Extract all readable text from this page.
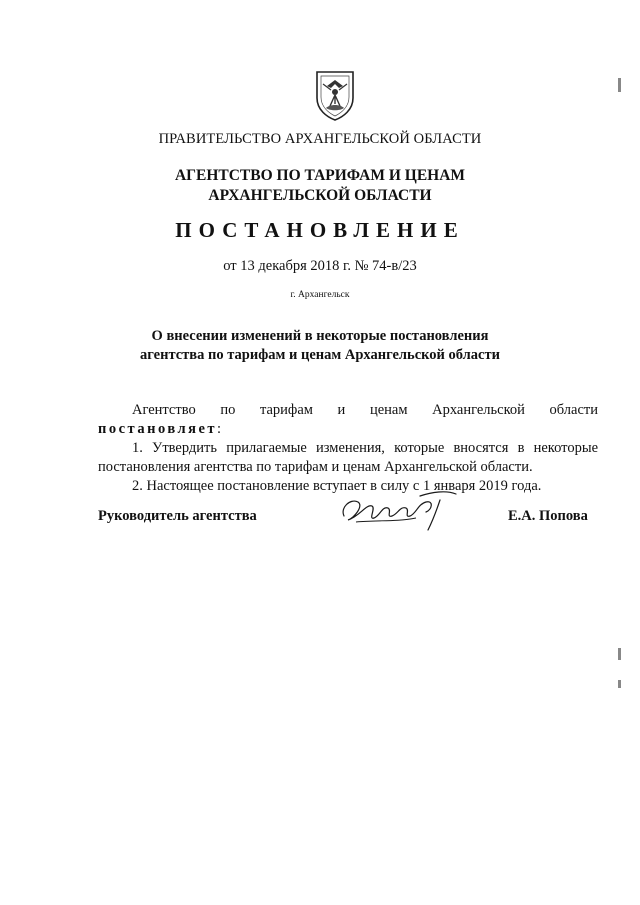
ПРАВИТЕЛЬСТВО АРХАНГЕЛЬСКОЙ ОБЛАСТИ
АГЕНТСТВО ПО ТАРИФАМ И ЦЕНАМ
АРХАНГЕЛЬСКОЙ ОБЛАСТИ
ПОСТАНОВЛЕНИЕ
от 13 декабря 2018 г. № 74-в/23
г. Архангельск
О внесении изменений в некоторые постановления
агентства по тарифам и ценам Архангельской области

Агентство по тарифам и ценам Архангельской области постановляет:

1. Утвердить прилагаемые изменения, которые вносятся в некоторые постановления агентства по тарифам и ценам Архангельской области.

2. Настоящее постановление вступает в силу с 1 января 2019 года.

Руководитель агентства	Е.А. Попова
